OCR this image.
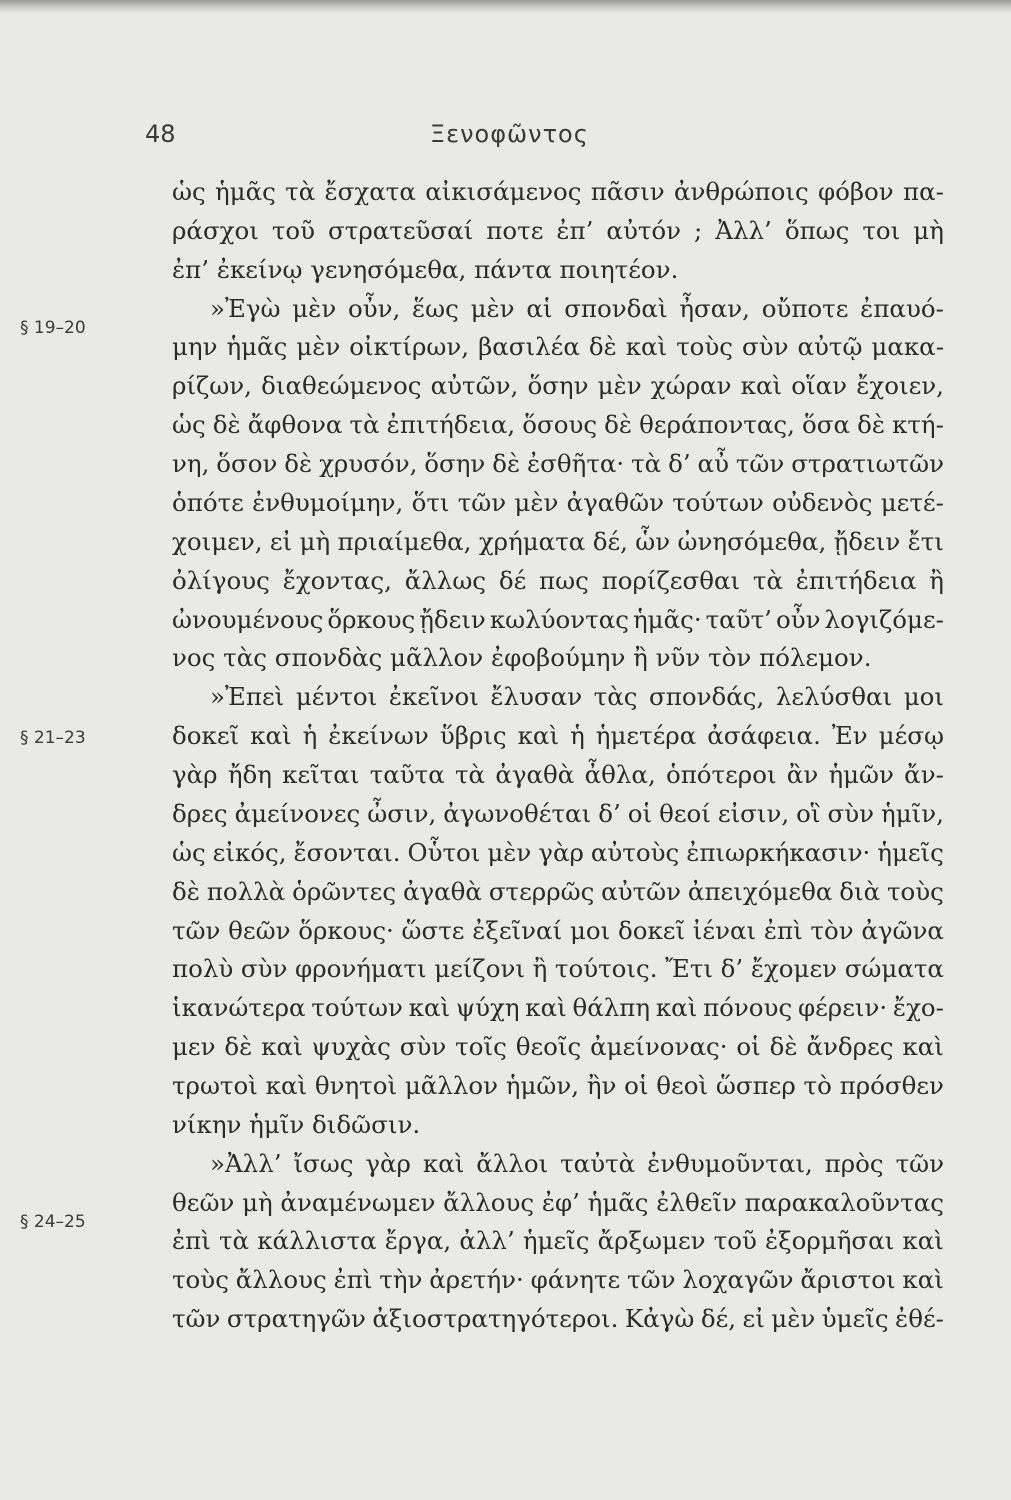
48	Ξενοφῶντος
§ 19–20
§ 21–23
§ 24–25
ὡς ἡμᾶς τὰ ἔσχατα αἰκισάμενος πᾶσιν ἀνθρώποις φόβον πα-
ράσχοι τοῦ στρατεῦσαί ποτε ἐπ’ αὐτόν ; Ἀλλ’ ὅπως τοι μὴ
ἐπ’ ἐκείνῳ γενησόμεθα, πάντα ποιητέον.
»Ἐγὼ μὲν οὖν, ἕως μὲν αἱ σπονδαὶ ἦσαν, οὔποτε ἐπαυό-
μην ἡμᾶς μὲν οἰκτίρων, βασιλέα δὲ καὶ τοὺς σὺν αὐτῷ μακα-
ρίζων, διαθεώμενος αὐτῶν, ὅσην μὲν χώραν καὶ οἵαν ἔχοιεν,
ὡς δὲ ἄφθονα τὰ ἐπιτήδεια, ὅσους δὲ θεράποντας, ὅσα δὲ κτή-
νη, ὅσον δὲ χρυσόν, ὅσην δὲ ἐσθῆτα· τὰ δ’ αὖ τῶν στρατιωτῶν
ὁπότε ἐνθυμοίμην, ὅτι τῶν μὲν ἀγαθῶν τούτων οὐδενὸς μετέ-
χοιμεν, εἰ μὴ πριαίμεθα, χρήματα δέ, ὧν ὠνησόμεθα, ᾔδειν ἔτι
ὀλίγους ἔχοντας, ἄλλως δέ πως πορίζεσθαι τὰ ἐπιτήδεια ἢ
ὠνουμένους ὅρκους ᾔδειν κωλύοντας ἡμᾶς· ταῦτ’ οὖν λογιζόμε-
νος τὰς σπονδὰς μᾶλλον ἐφοβούμην ἢ νῦν τὸν πόλεμον.
»Ἐπεὶ μέντοι ἐκεῖνοι ἔλυσαν τὰς σπονδάς, λελύσθαι μοι
δοκεῖ καὶ ἡ ἐκείνων ὕβρις καὶ ἡ ἡμετέρα ἀσάφεια. Ἐν μέσῳ
γὰρ ἤδη κεῖται ταῦτα τὰ ἀγαθὰ ἆθλα, ὁπότεροι ἂν ἡμῶν ἄν-
δρες ἀμείνονες ὦσιν, ἀγωνοθέται δ’ οἱ θεοί εἰσιν, οἳ σὺν ἡμῖν,
ὡς εἰκός, ἔσονται. Οὗτοι μὲν γὰρ αὐτοὺς ἐπιωρκήκασιν· ἡμεῖς
δὲ πολλὰ ὁρῶντες ἀγαθὰ στερρῶς αὐτῶν ἀπειχόμεθα διὰ τοὺς
τῶν θεῶν ὅρκους· ὥστε ἐξεῖναί μοι δοκεῖ ἰέναι ἐπὶ τὸν ἀγῶνα
πολὺ σὺν φρονήματι μείζονι ἢ τούτοις. Ἔτι δ’ ἔχομεν σώματα
ἱκανώτερα τούτων καὶ ψύχη καὶ θάλπη καὶ πόνους φέρειν· ἔχο-
μεν δὲ καὶ ψυχὰς σὺν τοῖς θεοῖς ἀμείνονας· οἱ δὲ ἄνδρες καὶ
τρωτοὶ καὶ θνητοὶ μᾶλλον ἡμῶν, ἢν οἱ θεοὶ ὥσπερ τὸ πρόσθεν
νίκην ἡμῖν διδῶσιν.
»Ἀλλ’ ἴσως γὰρ καὶ ἄλλοι ταὐτὰ ἐνθυμοῦνται, πρὸς τῶν
θεῶν μὴ ἀναμένωμεν ἄλλους ἐφ’ ἡμᾶς ἐλθεῖν παρακαλοῦντας
ἐπὶ τὰ κάλλιστα ἔργα, ἀλλ’ ἡμεῖς ἄρξωμεν τοῦ ἐξορμῆσαι καὶ
τοὺς ἄλλους ἐπὶ τὴν ἀρετήν· φάνητε τῶν λοχαγῶν ἄριστοι καὶ
τῶν στρατηγῶν ἀξιοστρατηγότεροι. Κἀγὼ δέ, εἰ μὲν ὑμεῖς ἐθέ-
